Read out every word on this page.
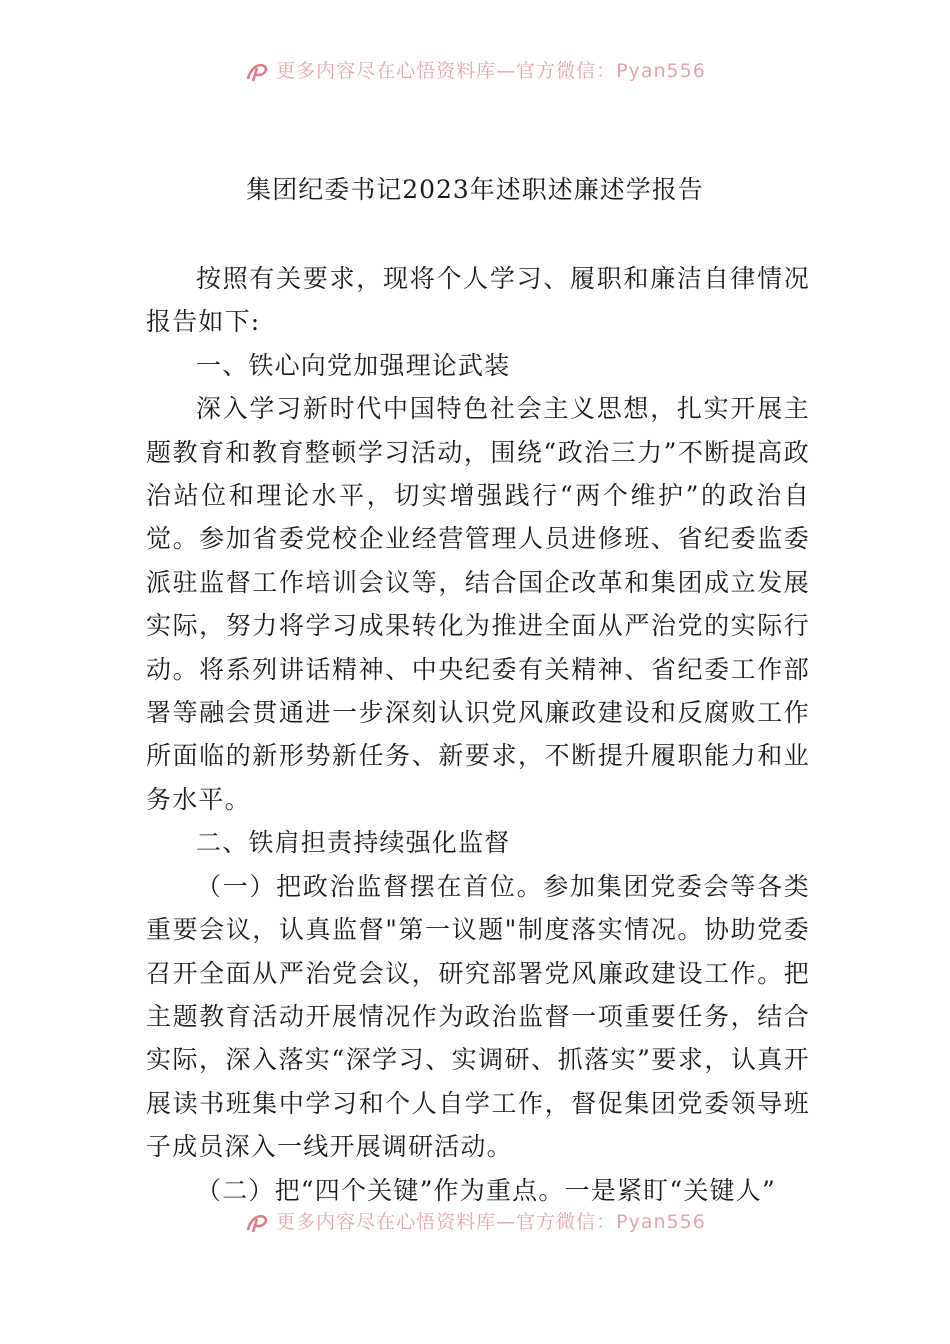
更多内容尽在心悟资料库—官方微信：Pyan556
集团纪委书记2023年述职述廉述学报告

按照有关要求，现将个人学习、履职和廉洁自律情况报告如下:

一、铁心向党加强理论武装

深入学习新时代中国特色社会主义思想，扎实开展主题教育和教育整顿学习活动，围绕“政治三力”不断提高政治站位和理论水平，切实增强践行“两个维护”的政治自觉。参加省委党校企业经营管理人员进修班、省纪委监委派驻监督工作培训会议等，结合国企改革和集团成立发展实际，努力将学习成果转化为推进全面从严治党的实际行动。将系列讲话精神、中央纪委有关精神、省纪委工作部署等融会贯通进一步深刻认识党风廉政建设和反腐败工作所面临的新形势新任务、新要求，不断提升履职能力和业务水平。

二、铁肩担责持续强化监督

（一）把政治监督摆在首位。参加集团党委会等各类重要会议，认真监督"第一议题"制度落实情况。协助党委召开全面从严治党会议，研究部署党风廉政建设工作。把主题教育活动开展情况作为政治监督一项重要任务，结合实际，深入落实“深学习、实调研、抓落实”要求，认真开展读书班集中学习和个人自学工作，督促集团党委领导班子成员深入一线开展调研活动。

（二）把“四个关键”作为重点。一是紧盯“关键人”

更多内容尽在心悟资料库—官方微信：Pyan556
